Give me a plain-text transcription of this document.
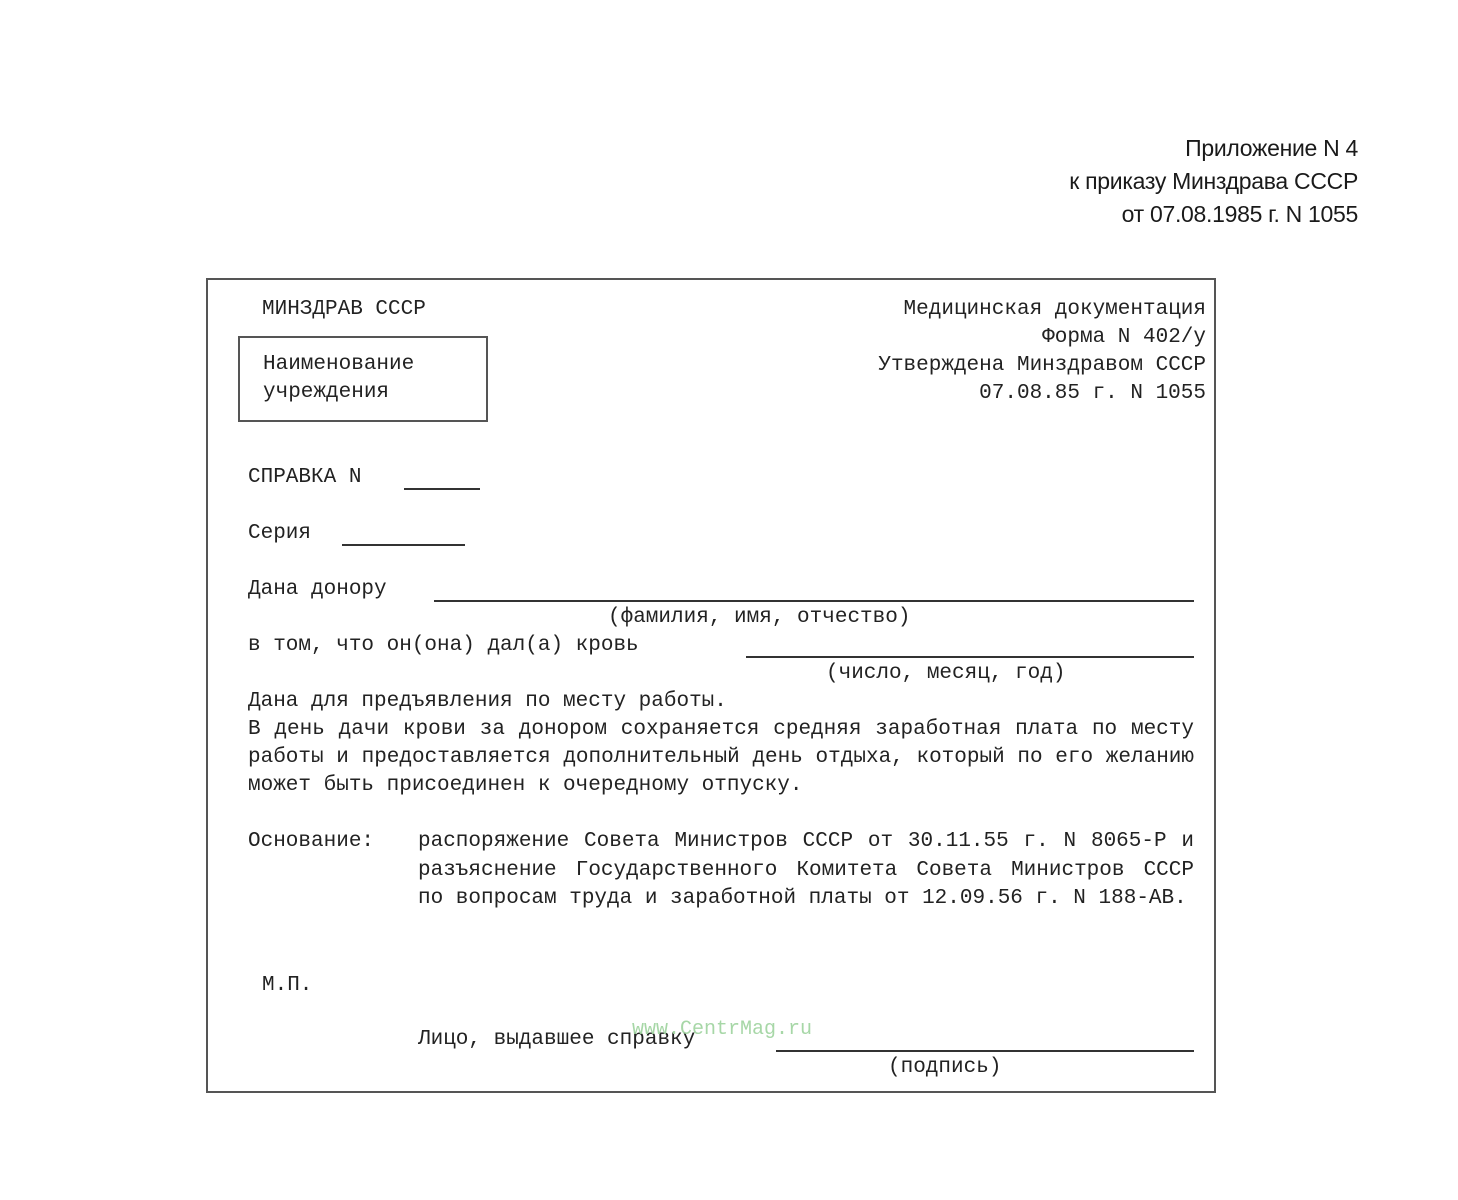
Приложение N 4
к приказу Минздрава СССР
от 07.08.1985 г. N 1055
МИНЗДРАВ СССР
Наименование
учреждения
Медицинская документация
Форма N 402/у
Утверждена Минздравом СССР
07.08.85 г. N 1055
СПРАВКА N
Серия
Дана донору
(фамилия, имя, отчество)
в том, что он(она) дал(а) кровь
(число, месяц, год)
Дана для предъявления по месту работы.
В день дачи крови за донором сохраняется средняя заработная плата по месту работы и предоставляется дополнительный день отдыха, который по его желанию может быть присоединен к очередному отпуску.
Основание:	распоряжение Совета Министров СССР от 30.11.55 г. N 8065-Р и разъяснение Государственного Комитета Совета Министров СССР по вопросам труда и заработной платы от 12.09.56 г. N 188-АВ.
М.П.
Лицо, выдавшее справку
(подпись)
www.CentrMag.ru
